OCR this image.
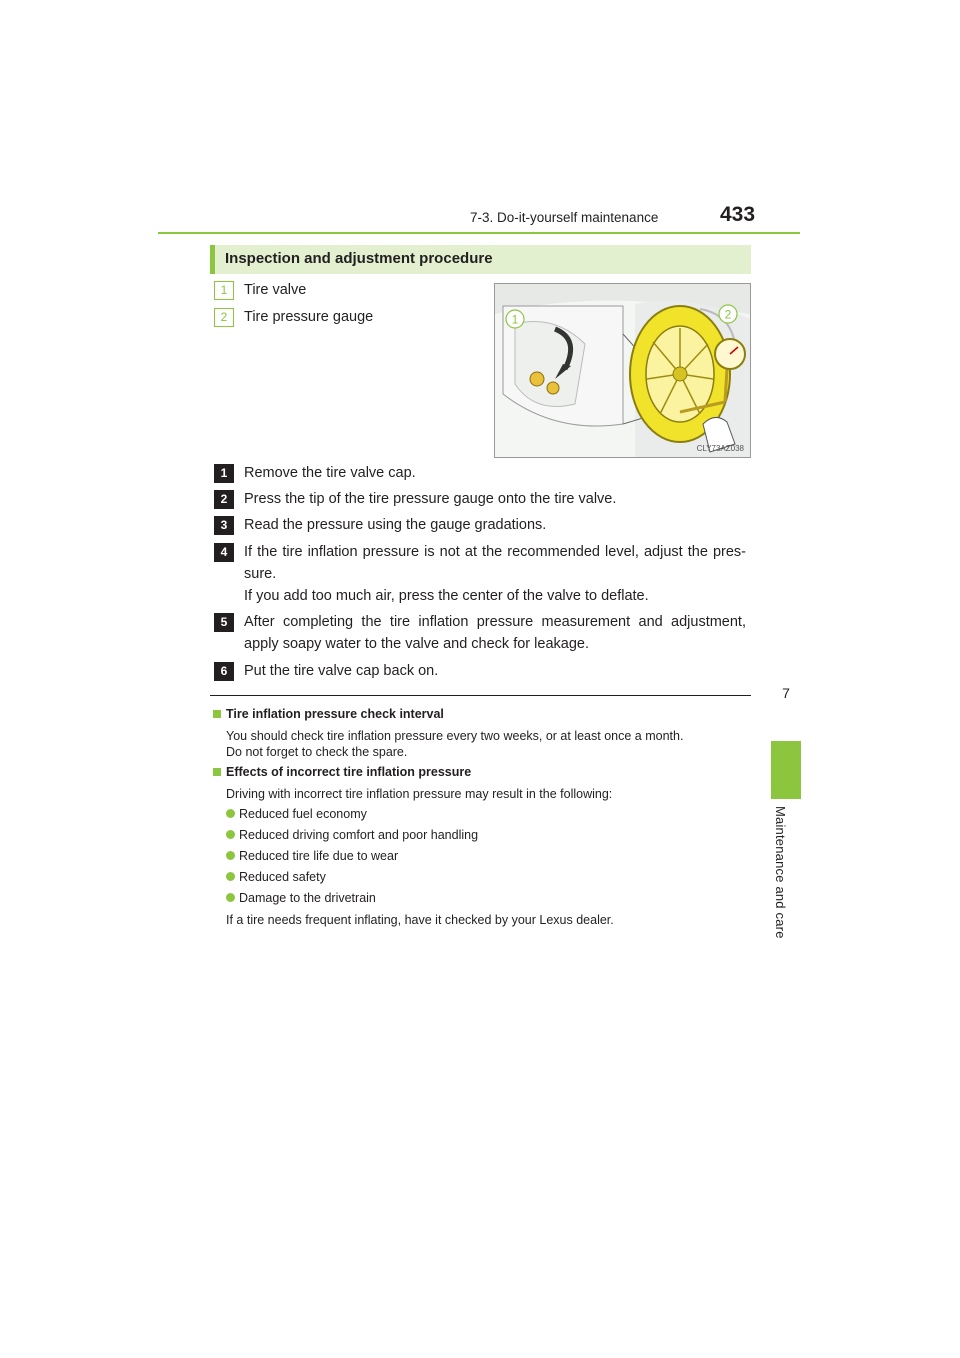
7-3. Do-it-yourself maintenance	433
7
Maintenance and care
Inspection and adjustment procedure
1	Tire valve
2	Tire pressure gauge	1	2
CLY73AZ038
1	Remove the tire valve cap.
2	Press the tip of the tire pressure gauge onto the tire valve.
3	Read the pressure using the gauge gradations.
4	If the tire inflation pressure is not at the recommended level, adjust the pres-sure.
If you add too much air, press the center of the valve to deflate.
5	After completing the tire inflation pressure measurement and adjustment, apply soapy water to the valve and check for leakage.
6	Put the tire valve cap back on.
Tire inflation pressure check interval
You should check tire inflation pressure every two weeks, or at least once a month.
Do not forget to check the spare.
Effects of incorrect tire inflation pressure
Driving with incorrect tire inflation pressure may result in the following:
Reduced fuel economy
Reduced driving comfort and poor handling
Reduced tire life due to wear
Reduced safety
Damage to the drivetrain
If a tire needs frequent inflating, have it checked by your Lexus dealer.
